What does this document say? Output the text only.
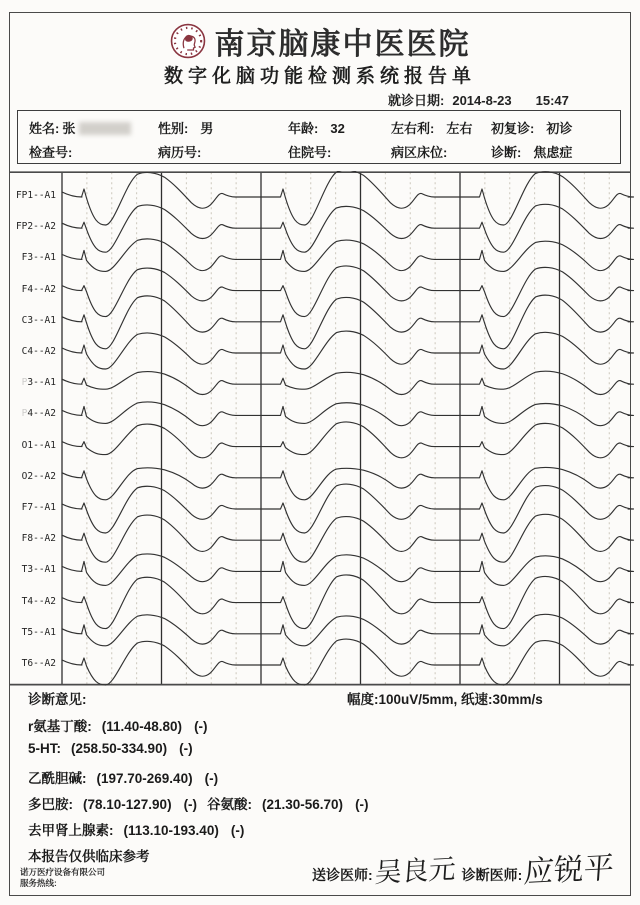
南京脑康中医医院
数字化脑功能检测系统报告单
就诊日期: 2014-8-23 15:47
姓名: 张	性别: 男	年龄: 32	左右利: 左右 初复诊: 初诊
检查号:	病历号:	住院号:	病区床位:	诊断: 焦虑症
FP1--A1
FP2--A2
F3--A1
F4--A2
C3--A1
C4--A2
P3--A1
P4--A2
O1--A1
O2--A2
F7--A1
F8--A2
T3--A1
T4--A2
T5--A1
T6--A2
诊断意见:	幅度:100uV/5mm, 纸速:30mm/s
r氨基丁酸: (11.40-48.80) (-)
5-HT: (258.50-334.90) (-)
乙酰胆碱: (197.70-269.40) (-)
多巴胺: (78.10-127.90) (-) 谷氨酸: (21.30-56.70) (-)
去甲肾上腺素: (113.10-193.40) (-)
本报告仅供临床参考
诺万医疗设备有限公司
服务热线:
送诊医师: 吴良元 诊断医师: 应锐平
